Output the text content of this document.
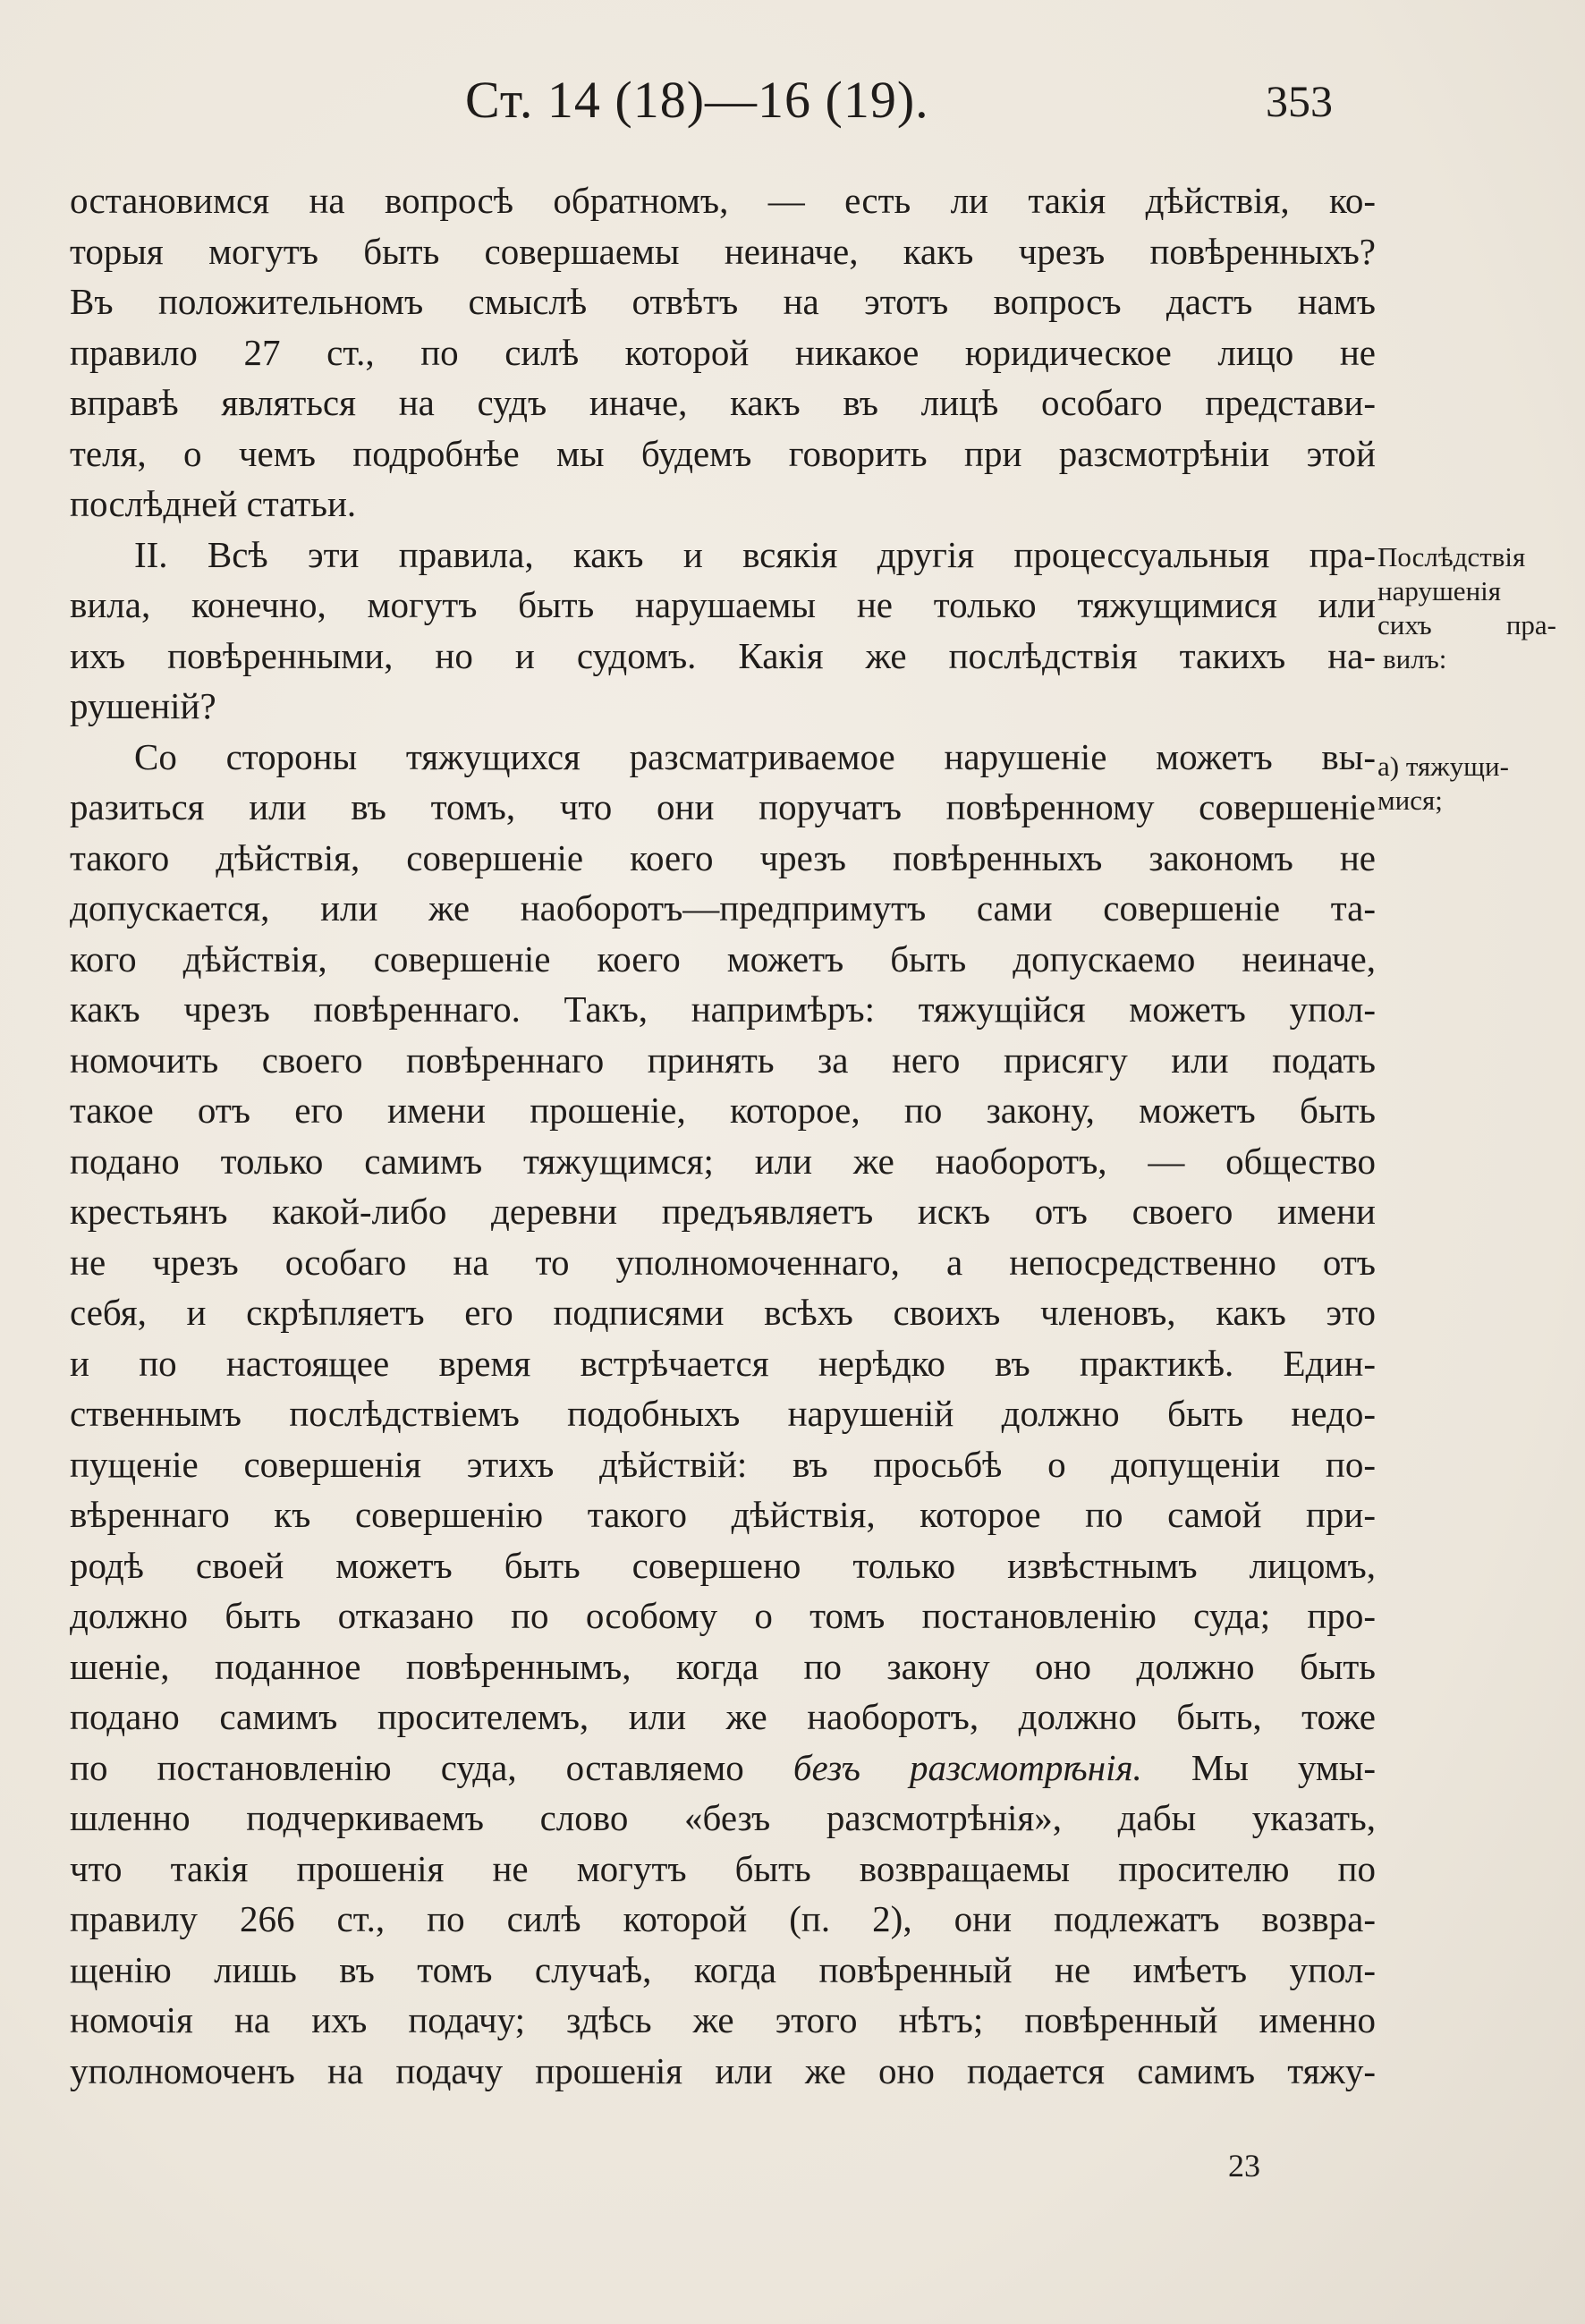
Ст. 14 (18)—16 (19).	353
остановимся на вопросѣ обратномъ, — есть ли такія дѣйствія, ко-
торыя могутъ быть совершаемы неиначе, какъ чрезъ повѣренныхъ?
Въ положительномъ смыслѣ отвѣтъ на этотъ вопросъ дастъ намъ
правило 27 ст., по силѣ которой никакое юридическое лицо не
вправѣ являться на судъ иначе, какъ въ лицѣ особаго представи-
теля, о чемъ подробнѣе мы будемъ говорить при разсмотрѣніи этой
послѣдней статьи.
II. Всѣ эти правила, какъ и всякія другія процессуальныя пра-
вила, конечно, могутъ быть нарушаемы не только тяжущимися или
ихъ повѣренными, но и судомъ. Какія же послѣдствія такихъ на-
рушеній?
Со стороны тяжущихся разсматриваемое нарушеніе можетъ вы-
разиться или въ томъ, что они поручатъ повѣренному совершеніе
такого дѣйствія, совершеніе коего чрезъ повѣренныхъ закономъ не
допускается, или же наоборотъ—предпримутъ сами совершеніе та-
кого дѣйствія, совершеніе коего можетъ быть допускаемо неиначе,
какъ чрезъ повѣреннаго. Такъ, напримѣръ: тяжущійся можетъ упол-
номочить своего повѣреннаго принять за него присягу или подать
такое отъ его имени прошеніе, которое, по закону, можетъ быть
подано только самимъ тяжущимся; или же наоборотъ, — общество
крестьянъ какой-либо деревни предъявляетъ искъ отъ своего имени
не чрезъ особаго на то уполномоченнаго, а непосредственно отъ
себя, и скрѣпляетъ его подписями всѣхъ своихъ членовъ, какъ это
и по настоящее время встрѣчается нерѣдко въ практикѣ. Един-
ственнымъ послѣдствіемъ подобныхъ нарушеній должно быть недо-
пущеніе совершенія этихъ дѣйствій: въ просьбѣ о допущеніи по-
вѣреннаго къ совершенію такого дѣйствія, которое по самой при-
родѣ своей можетъ быть совершено только извѣстнымъ лицомъ,
должно быть отказано по особому о томъ постановленію суда; про-
шеніе, поданное повѣреннымъ, когда по закону оно должно быть
подано самимъ просителемъ, или же наоборотъ, должно быть, тоже
по постановленію суда, оставляемо безъ разсмотрѣнія. Мы умы-
шленно подчеркиваемъ слово «безъ разсмотрѣнія», дабы указать,
что такія прошенія не могутъ быть возвращаемы просителю по
правилу 266 ст., по силѣ которой (п. 2), они подлежатъ возвра-
щенію лишь въ томъ случаѣ, когда повѣренный не имѣетъ упол-
номочія на ихъ подачу; здѣсь же этого нѣтъ; повѣренный именно
уполномоченъ на подачу прошенія или же оно подается самимъ тяжу-
Послѣдствія
нарушенія
сихъ пра-
вилъ:
а) тяжущи-
мися;
23
